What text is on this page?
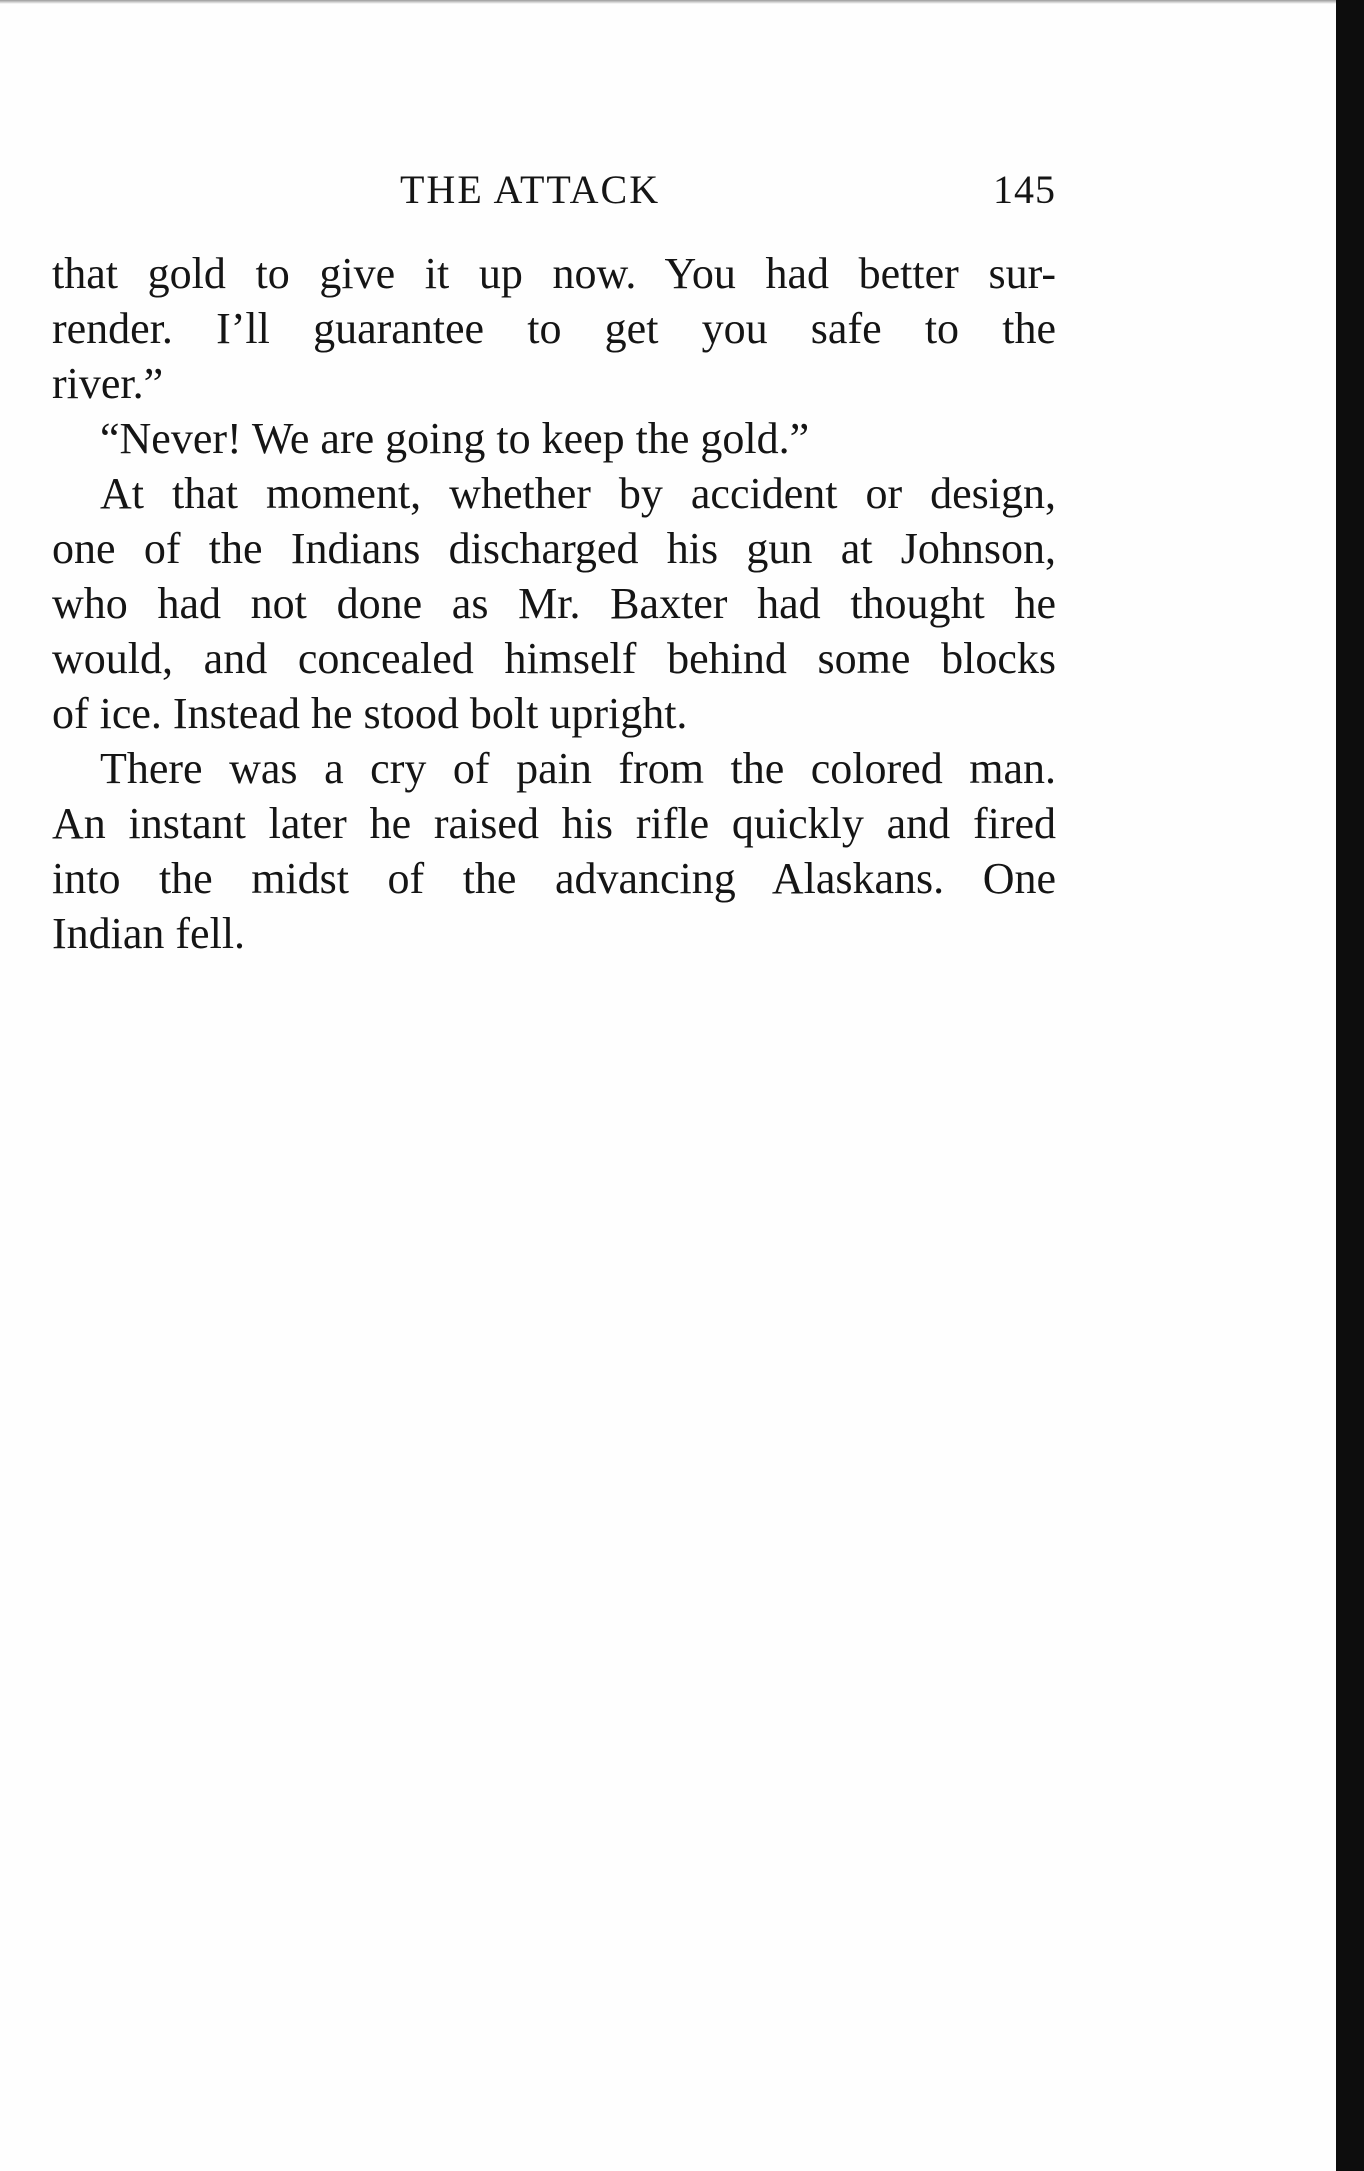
THE ATTACK	145
that gold to give it up now. You had better sur-
render. I’ll guarantee to get you safe to the
river.”
“Never! We are going to keep the gold.”
At that moment, whether by accident or design,
one of the Indians discharged his gun at Johnson,
who had not done as Mr. Baxter had thought he
would, and concealed himself behind some blocks
of ice. Instead he stood bolt upright.
There was a cry of pain from the colored man.
An instant later he raised his rifle quickly and fired
into the midst of the advancing Alaskans. One
Indian fell.
